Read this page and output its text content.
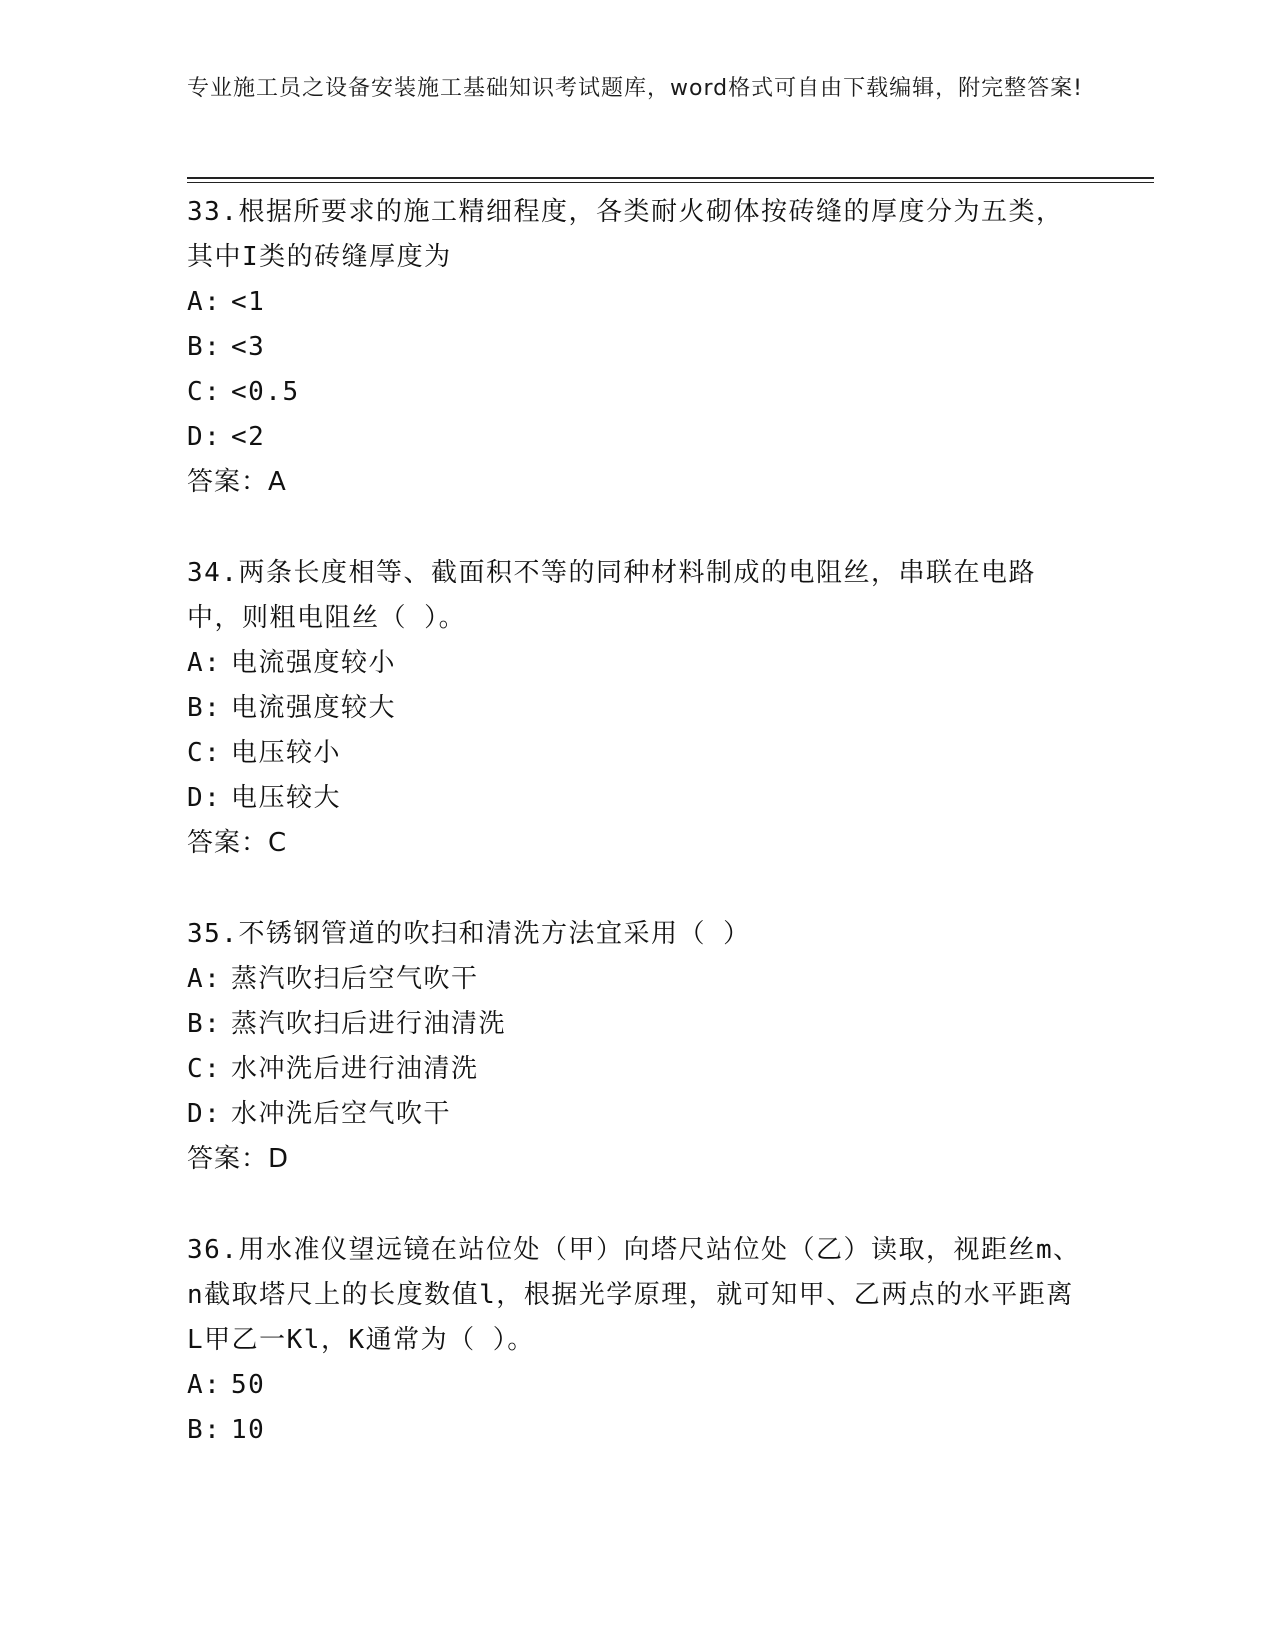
专业施工员之设备安装施工基础知识考试题库，word格式可自由下载编辑，附完整答案!
33.根据所要求的施工精细程度，各类耐火砌体按砖缝的厚度分为五类，其中I类的砖缝厚度为
A: <1
B: <3
C: <0.5
D: <2
答案：A
34.两条长度相等、截面积不等的同种材料制成的电阻丝，串联在电路中，则粗电阻丝（ ）。
A: 电流强度较小
B: 电流强度较大
C: 电压较小
D: 电压较大
答案：C
35.不锈钢管道的吹扫和清洗方法宜采用（ ）
A: 蒸汽吹扫后空气吹干
B: 蒸汽吹扫后进行油清洗
C: 水冲洗后进行油清洗
D: 水冲洗后空气吹干
答案：D
36.用水准仪望远镜在站位处（甲）向塔尺站位处（乙）读取，视距丝m、n截取塔尺上的长度数值l，根据光学原理，就可知甲、乙两点的水平距离L甲乙一Kl，K通常为（ ）。
A: 50
B: 10
